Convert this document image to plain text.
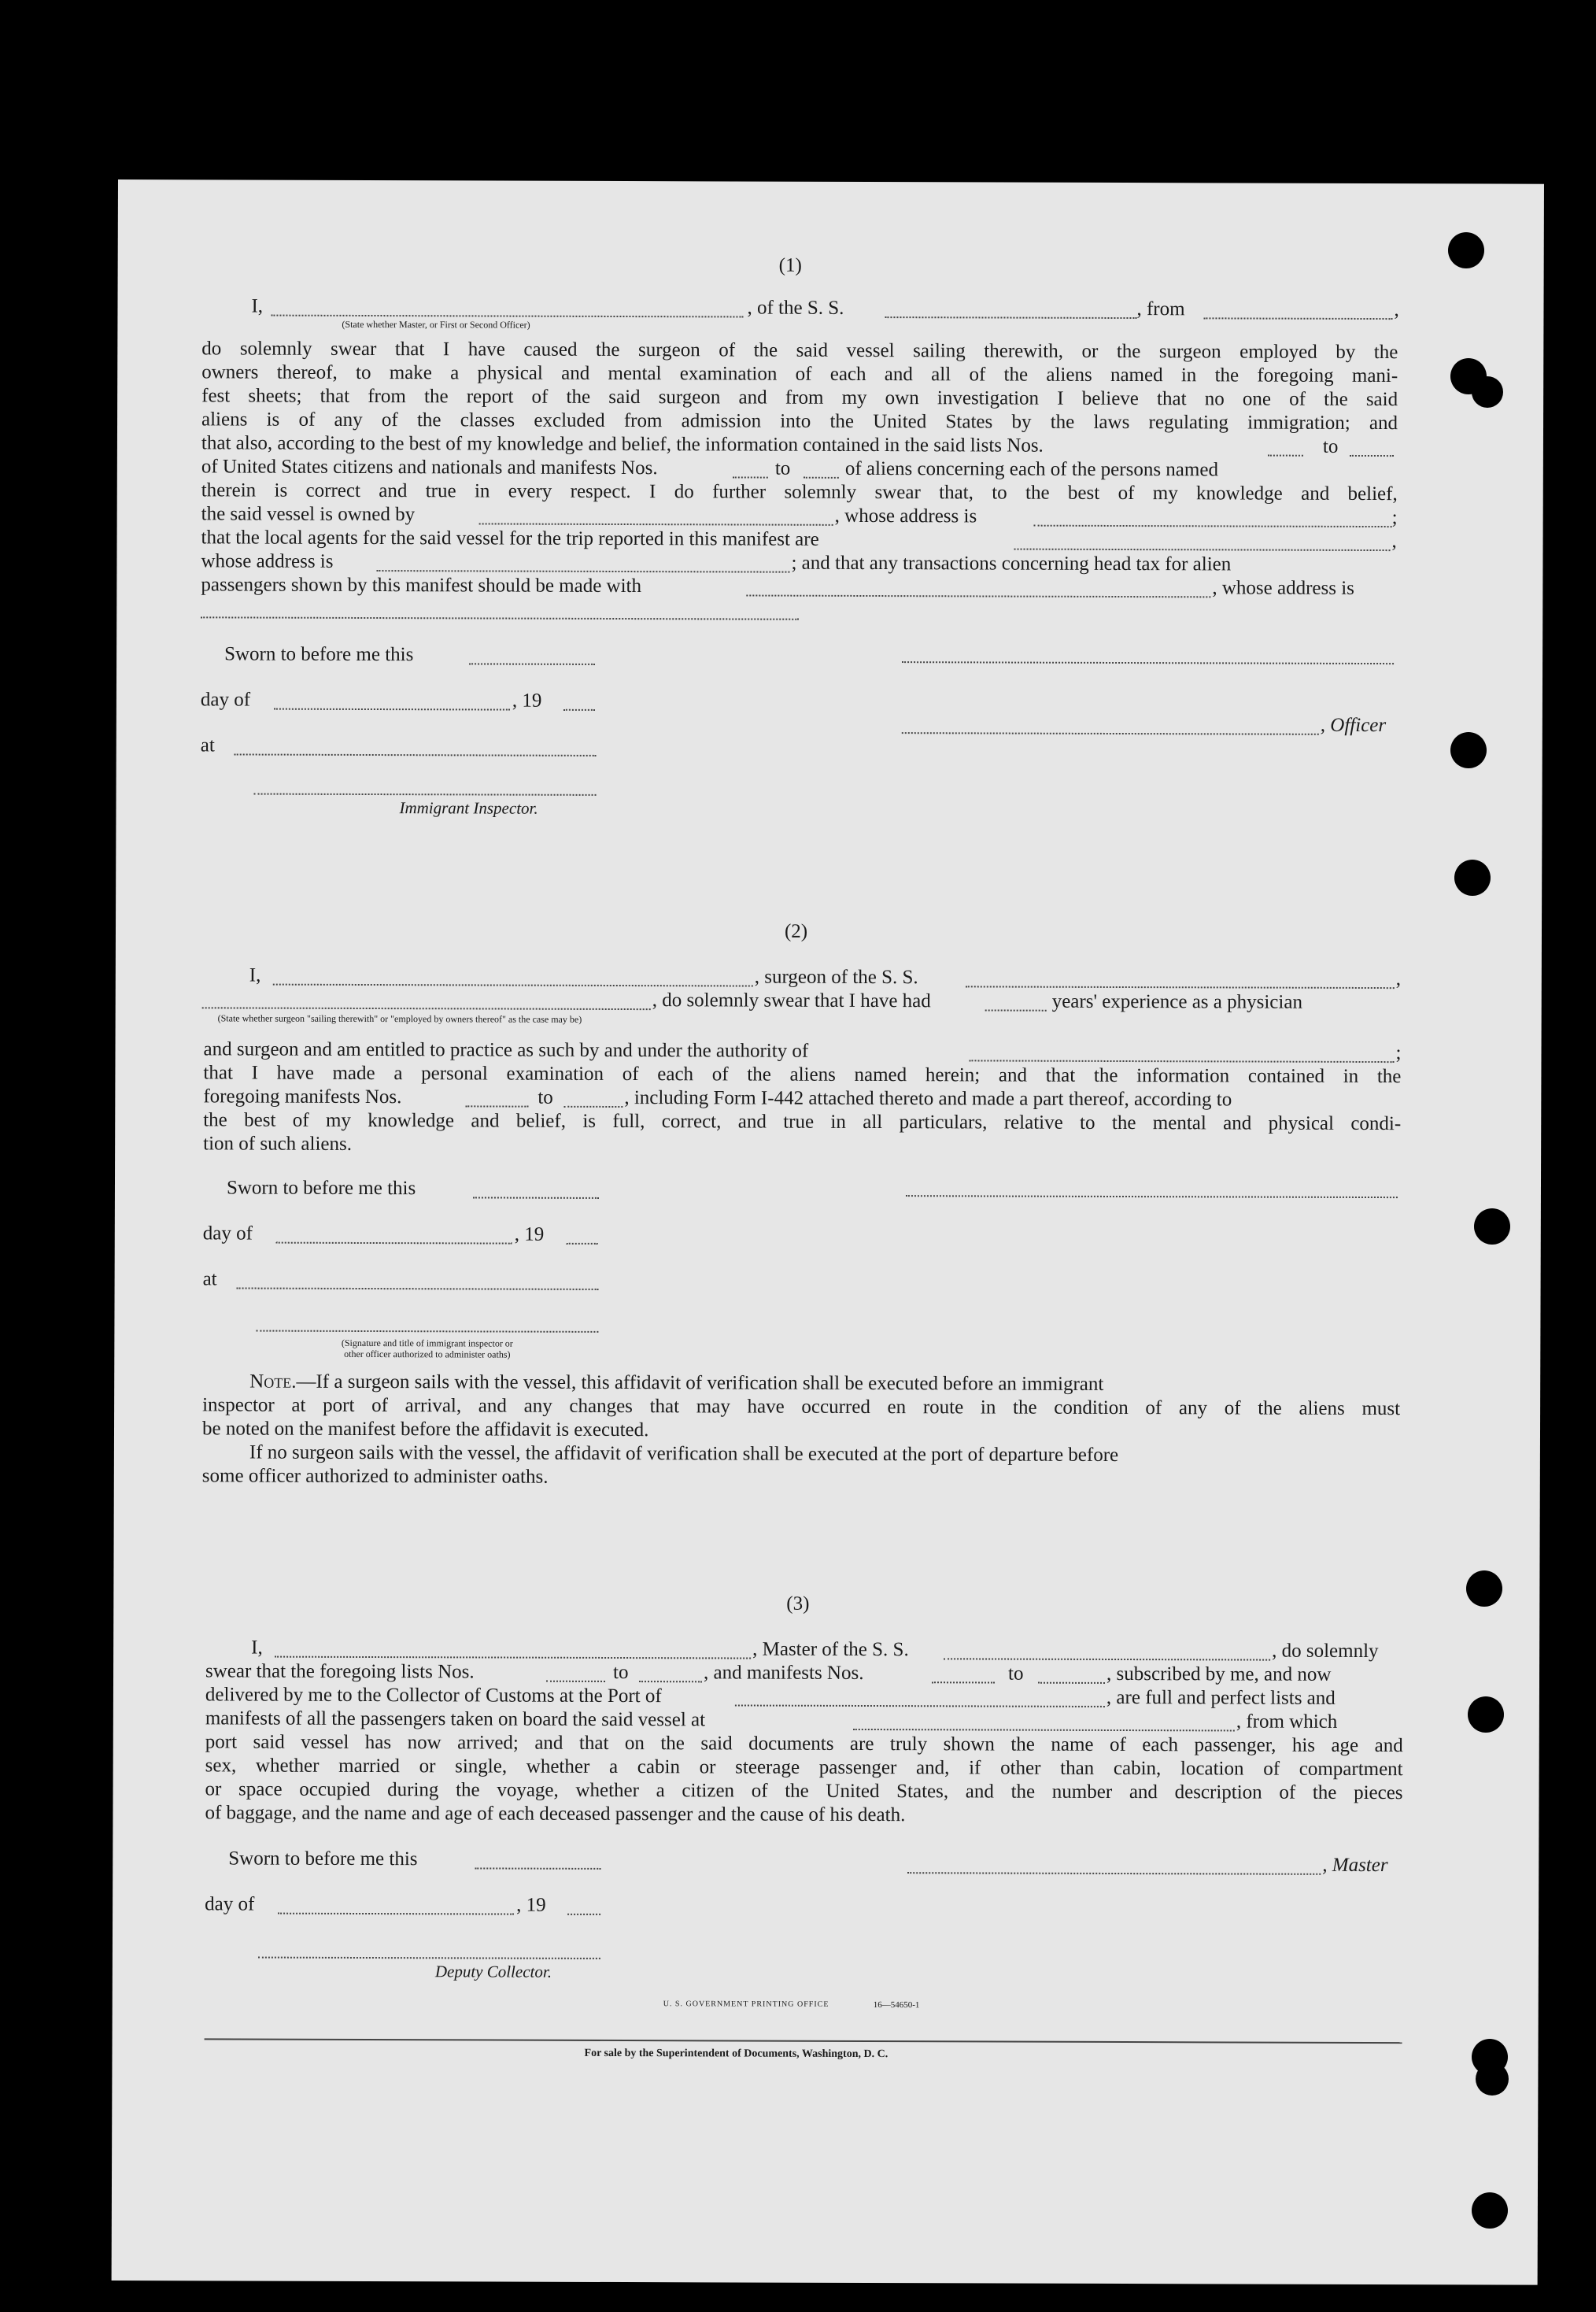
(1)
I,	, of the S. S.	, from	,
(State whether Master, or First or Second Officer)
do solemnly swear that I have caused the surgeon of the said vessel sailing therewith, or the surgeon employed by the
owners thereof, to make a physical and mental examination of each and all of the aliens named in the foregoing mani-
fest sheets; that from the report of the said surgeon and from my own investigation I believe that no one of the said
aliens is of any of the classes excluded from admission into the United States by the laws regulating immigration; and
that also, according to the best of my knowledge and belief, the information contained in the said lists Nos.	to
of United States citizens and nationals and manifests Nos.	to	of aliens concerning each of the persons named
therein is correct and true in every respect. I do further solemnly swear that, to the best of my knowledge and belief,
the said vessel is owned by	, whose address is	;
that the local agents for the said vessel for the trip reported in this manifest are	,
whose address is	; and that any transactions concerning head tax for alien
passengers shown by this manifest should be made with	, whose address is
Sworn to before me this
day of	, 19
, Officer
at
Immigrant Inspector.
(2)
I,	, surgeon of the S. S.	,
, do solemnly swear that I have had	years' experience as a physician
(State whether surgeon "sailing therewith" or "employed by owners thereof" as the case may be)
and surgeon and am entitled to practice as such by and under the authority of	;
that I have made a personal examination of each of the aliens named herein; and that the information contained in the
foregoing manifests Nos.	to	, including Form I-442 attached thereto and made a part thereof, according to
the best of my knowledge and belief, is full, correct, and true in all particulars, relative to the mental and physical condi-
tion of such aliens.
Sworn to before me this
day of	, 19
at
(Signature and title of immigrant inspector or
other officer authorized to administer oaths)
Note.—If a surgeon sails with the vessel, this affidavit of verification shall be executed before an immigrant
inspector at port of arrival, and any changes that may have occurred en route in the condition of any of the aliens must
be noted on the manifest before the affidavit is executed.
If no surgeon sails with the vessel, the affidavit of verification shall be executed at the port of departure before
some officer authorized to administer oaths.
(3)
I,	, Master of the S. S.	, do solemnly
swear that the foregoing lists Nos.	to	, and manifests Nos.	to	, subscribed by me, and now
delivered by me to the Collector of Customs at the Port of	, are full and perfect lists and
manifests of all the passengers taken on board the said vessel at	, from which
port said vessel has now arrived; and that on the said documents are truly shown the name of each passenger, his age and
sex, whether married or single, whether a cabin or steerage passenger and, if other than cabin, location of compartment
or space occupied during the voyage, whether a citizen of the United States, and the number and description of the pieces
of baggage, and the name and age of each deceased passenger and the cause of his death.
Sworn to before me this	, Master
day of	, 19
Deputy Collector.
U. S. GOVERNMENT PRINTING OFFICE	16—54650-1
For sale by the Superintendent of Documents, Washington, D. C.
